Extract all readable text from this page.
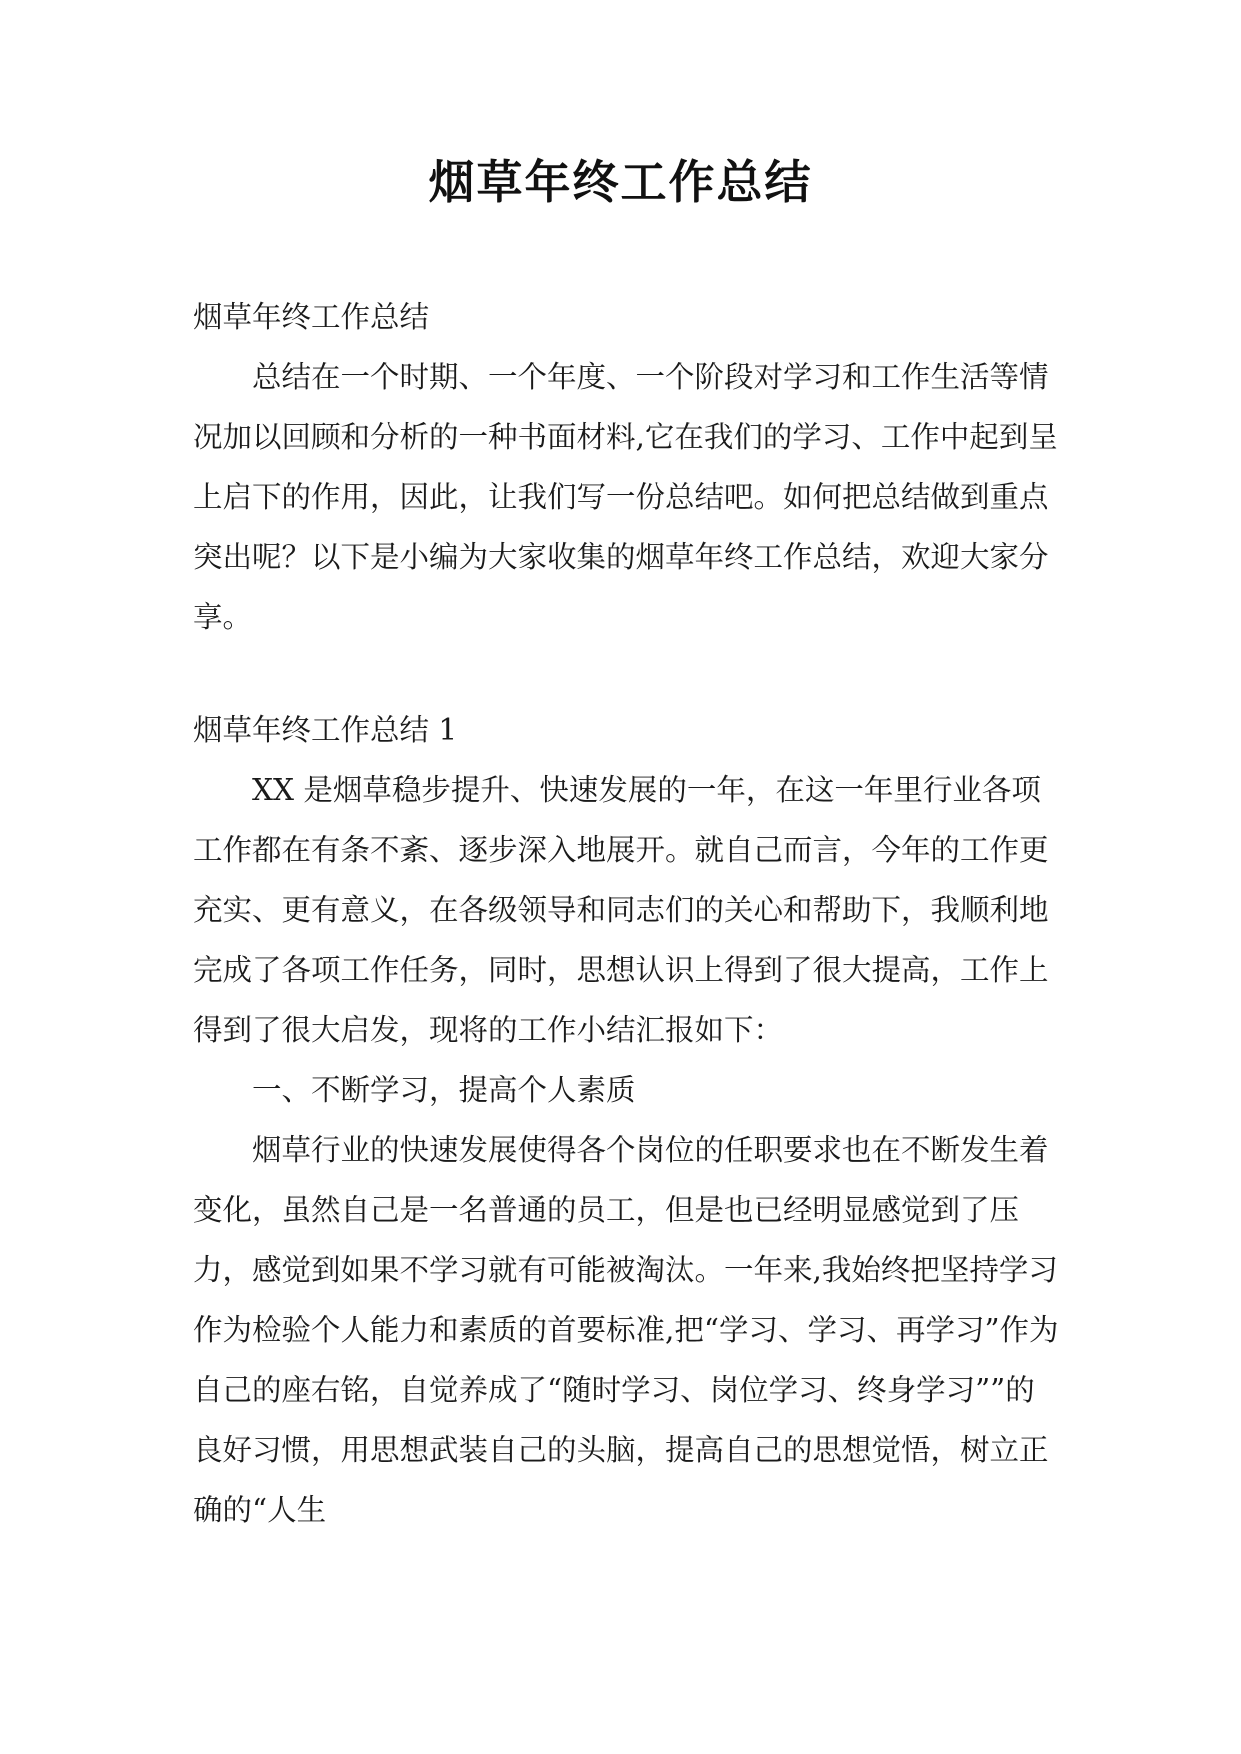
烟草年终工作总结

烟草年终工作总结

总结在一个时期、一个年度、一个阶段对学习和工作生活等情况加以回顾和分析的一种书面材料,它在我们的学习、工作中起到呈上启下的作用，因此，让我们写一份总结吧。如何把总结做到重点突出呢？以下是小编为大家收集的烟草年终工作总结，欢迎大家分享。

烟草年终工作总结 1

XX 是烟草稳步提升、快速发展的一年，在这一年里行业各项工作都在有条不紊、逐步深入地展开。就自己而言，今年的工作更充实、更有意义，在各级领导和同志们的关心和帮助下，我顺利地完成了各项工作任务，同时，思想认识上得到了很大提高，工作上得到了很大启发，现将的工作小结汇报如下：

一、不断学习，提高个人素质

烟草行业的快速发展使得各个岗位的任职要求也在不断发生着变化，虽然自己是一名普通的员工，但是也已经明显感觉到了压力，感觉到如果不学习就有可能被淘汰。一年来,我始终把坚持学习作为检验个人能力和素质的首要标准,把“学习、学习、再学习”作为自己的座右铭，自觉养成了“随时学习、岗位学习、终身学习””的良好习惯，用思想武装自己的头脑，提高自己的思想觉悟，树立正确的“人生
